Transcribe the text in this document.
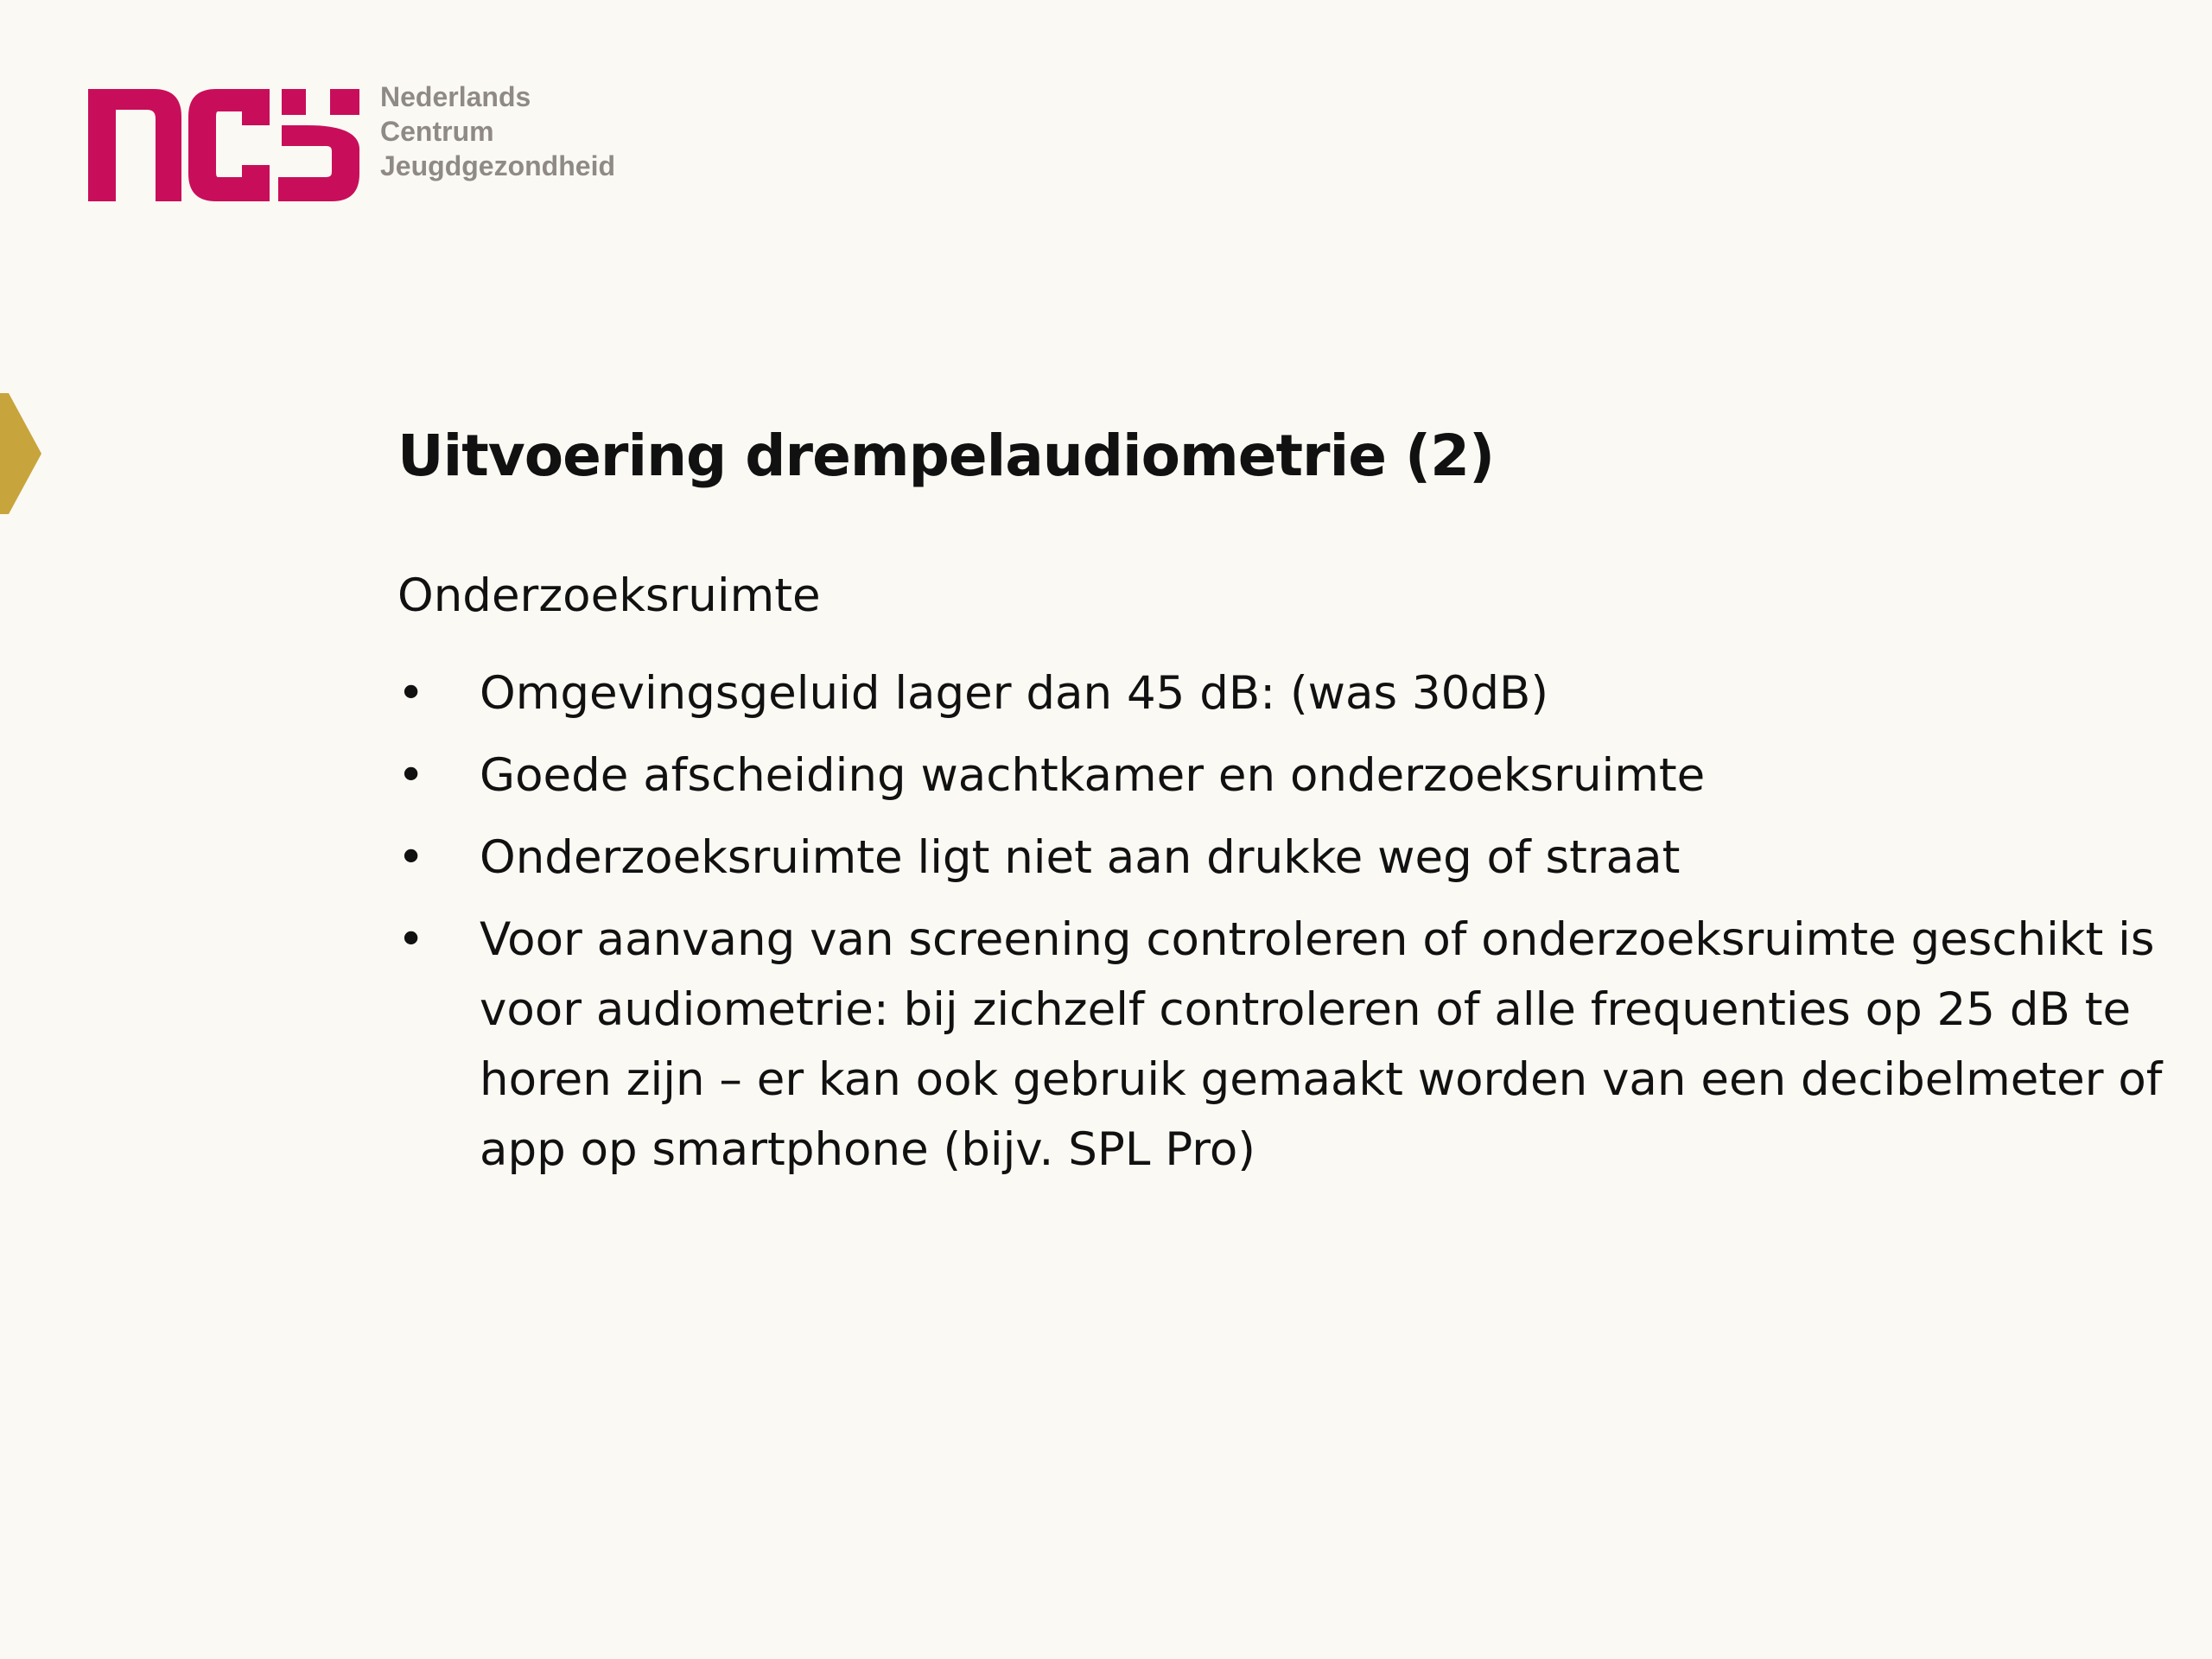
Nederlands
Centrum
Jeugdgezondheid
Uitvoering drempelaudiometrie (2)

Onderzoeksruimte

• Omgevingsgeluid lager dan 45 dB: (was 30dB)
• Goede afscheiding wachtkamer en onderzoeksruimte
• Onderzoeksruimte ligt niet aan drukke weg of straat
• Voor aanvang van screening controleren of onderzoeksruimte geschikt is voor audiometrie: bij zichzelf controleren of alle frequenties op 25 dB te horen zijn – er kan ook gebruik gemaakt worden van een decibelmeter of app op smartphone (bijv. SPL Pro)
